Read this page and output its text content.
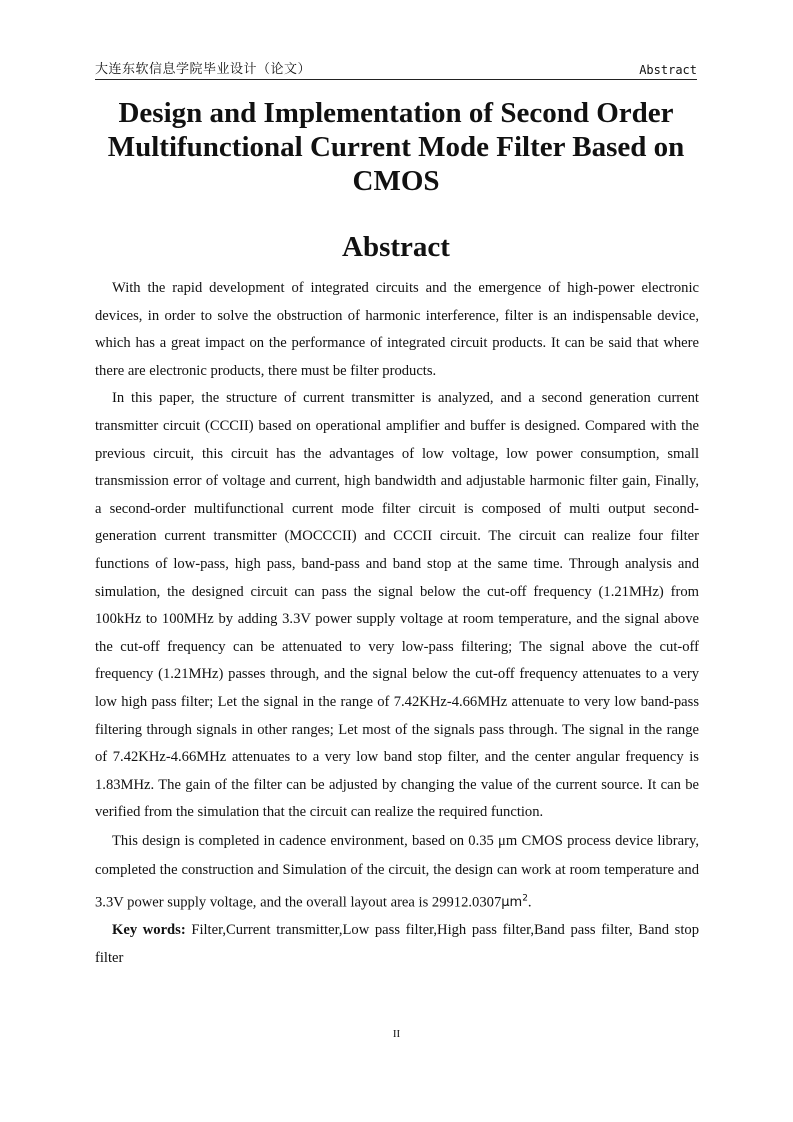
大连东软信息学院毕业设计（论文）	Abstract
Design and Implementation of Second Order
Multifunctional Current Mode Filter Based on
CMOS
Abstract

With the rapid development of integrated circuits and the emergence of high-power electronic devices, in order to solve the obstruction of harmonic interference, filter is an indispensable device, which has a great impact on the performance of integrated circuit products. It can be said that where there are electronic products, there must be filter products.

In this paper, the structure of current transmitter is analyzed, and a second generation current transmitter circuit (CCCII) based on operational amplifier and buffer is designed. Compared with the previous circuit, this circuit has the advantages of low voltage, low power consumption, small transmission error of voltage and current, high bandwidth and adjustable harmonic filter gain, Finally, a second-order multifunctional current mode filter circuit is composed of multi output second-generation current transmitter (MOCCCII) and CCCII circuit. The circuit can realize four filter functions of low-pass, high pass, band-pass and band stop at the same time. Through analysis and simulation, the designed circuit can pass the signal below the cut-off frequency (1.21MHz) from 100kHz to 100MHz by adding 3.3V power supply voltage at room temperature, and the signal above the cut-off frequency can be attenuated to very low-pass filtering; The signal above the cut-off frequency (1.21MHz) passes through, and the signal below the cut-off frequency attenuates to a very low high pass filter; Let the signal in the range of 7.42KHz-4.66MHz attenuate to very low band-pass filtering through signals in other ranges; Let most of the signals pass through. The signal in the range of 7.42KHz-4.66MHz attenuates to a very low band stop filter, and the center angular frequency is 1.83MHz. The gain of the filter can be adjusted by changing the value of the current source. It can be verified from the simulation that the circuit can realize the required function.

This design is completed in cadence environment, based on 0.35 μm CMOS process device library, completed the construction and Simulation of the circuit, the design can work at room temperature and 3.3V power supply voltage, and the overall layout area is $29912.0307\mu m^2$.

Key words: Filter,Current transmitter,Low pass filter,High pass filter,Band pass filter, Band stop filter

II
